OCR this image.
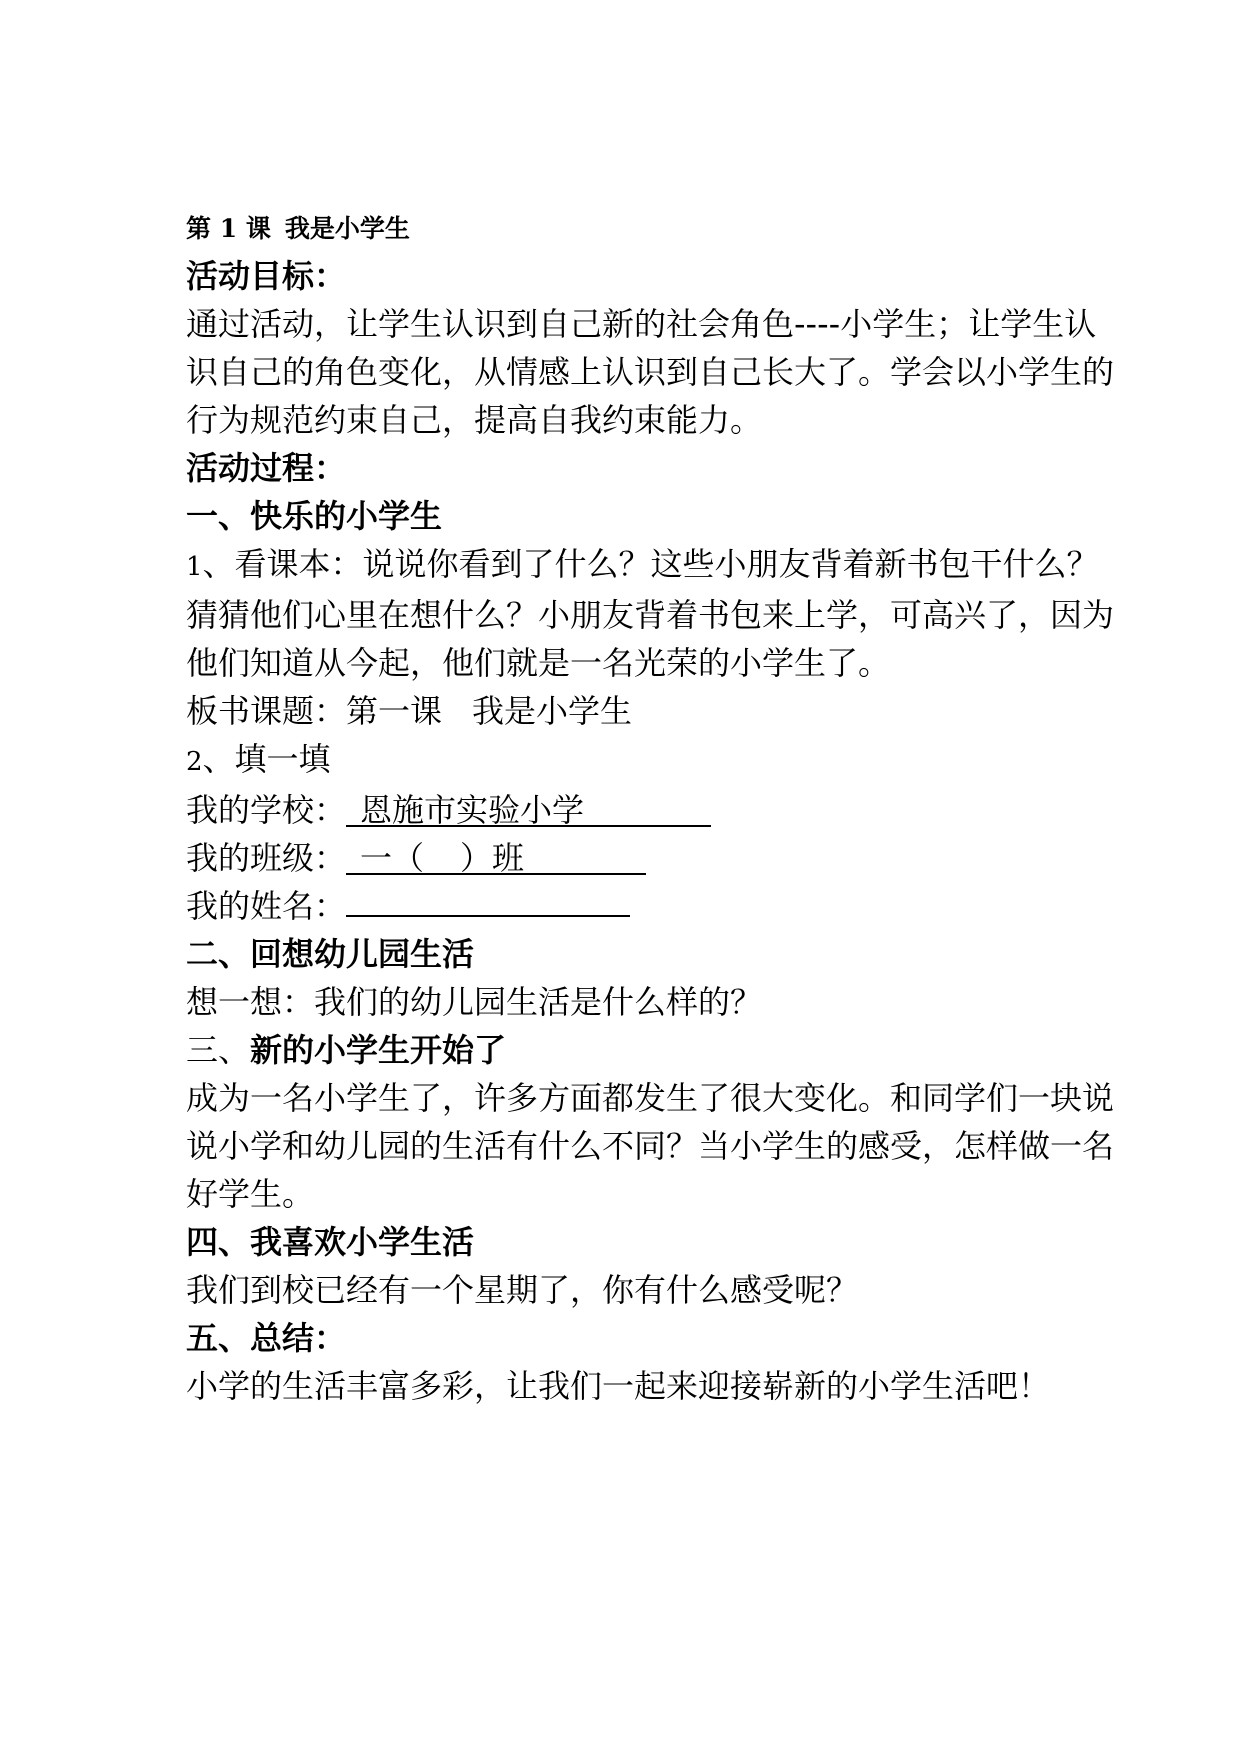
第 1 课 我是小学生
活动目标：
通过活动，让学生认识到自己新的社会角色----小学生；让学生认识自己的角色变化，从情感上认识到自己长大了。学会以小学生的行为规范约束自己，提高自我约束能力。
活动过程：
一、快乐的小学生
1、看课本：说说你看到了什么？这些小朋友背着新书包干什么？猜猜他们心里在想什么？小朋友背着书包来上学，可高兴了，因为他们知道从今起，他们就是一名光荣的小学生了。
板书课题：第一课 我是小学生
2、填一填
我的学校： 恩施市实验小学
我的班级： 一（ ）班
我的姓名：
二、回想幼儿园生活
想一想：我们的幼儿园生活是什么样的？
三、新的小学生开始了
成为一名小学生了，许多方面都发生了很大变化。和同学们一块说说小学和幼儿园的生活有什么不同？当小学生的感受，怎样做一名好学生。
四、我喜欢小学生活
我们到校已经有一个星期了，你有什么感受呢？
五、总结：
小学的生活丰富多彩，让我们一起来迎接崭新的小学生活吧！
